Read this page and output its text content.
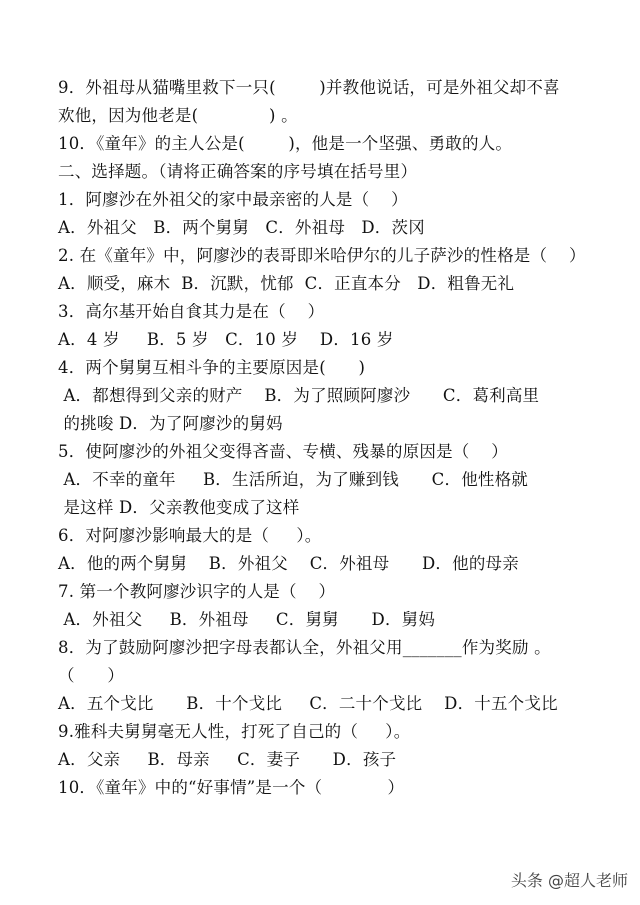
9．外祖母从猫嘴里救下一只(        )并教他说话，可是外祖父却不喜
欢他，因为他老是(             ) 。
10．《童年》的主人公是(        )，他是一个坚强、勇敢的人。
二、选择题。（请将正确答案的序号填在括号里）
1．阿廖沙在外祖父的家中最亲密的人是（    ）
A．外祖父   B．两个舅舅   C．外祖母   D．茨冈
2. 在《童年》中，阿廖沙的表哥即米哈伊尔的儿子萨沙的性格是（    ）
A．顺受，麻木  B．沉默，忧郁  C．正直本分   D．粗鲁无礼
3．高尔基开始自食其力是在（    ）
A．4 岁     B．5 岁   C．10 岁    D．16 岁
4．两个舅舅互相斗争的主要原因是(      )
A．都想得到父亲的财产    B．为了照顾阿廖沙      C．葛利高里
的挑唆 D．为了阿廖沙的舅妈
5．使阿廖沙的外祖父变得吝啬、专横、残暴的原因是（    ）
A．不幸的童年     B．生活所迫，为了赚到钱      C．他性格就
是这样 D．父亲教他变成了这样
6．对阿廖沙影响最大的是（     ）。
A．他的两个舅舅    B．外祖父    C．外祖母      D．他的母亲
7. 第一个教阿廖沙识字的人是（    ）
A．外祖父     B．外祖母     C．舅舅      D．舅妈
8．为了鼓励阿廖沙把字母表都认全，外祖父用_______作为奖励 。
（      ）
A．五个戈比      B．十个戈比     C．二十个戈比    D．十五个戈比
9.雅科夫舅舅毫无人性，打死了自己的（     ）。
A．父亲     B．母亲     C．妻子      D．孩子
10．《童年》中的“好事情”是一个（            ）
头条 @超人老师
